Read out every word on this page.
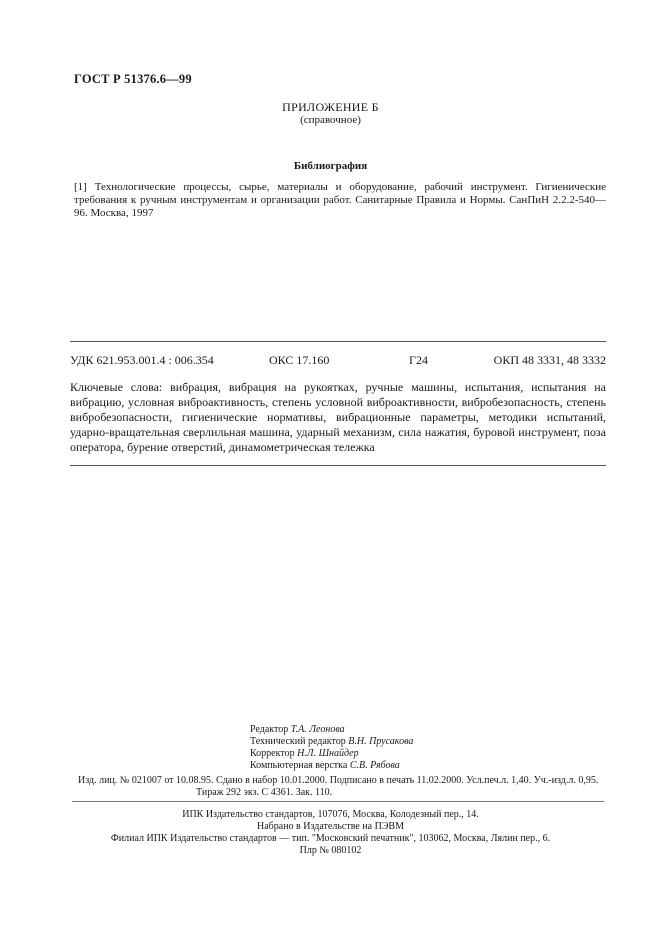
ГОСТ Р 51376.6—99
ПРИЛОЖЕНИЕ Б
(справочное)
Библиография
[1] Технологические процессы, сырье, материалы и оборудование, рабочий инструмент. Гигиенические требования к ручным инструментам и организации работ. Санитарные Правила и Нормы. СанПиН 2.2.2-540—96. Москва, 1997
УДК 621.953.001.4 : 006.354	ОКС 17.160	Г24	ОКП 48 3331, 48 3332
Ключевые слова: вибрация, вибрация на рукоятках, ручные машины, испытания, испытания на вибрацию, условная виброактивность, степень условной виброактивности, вибробезопасность, степень вибробезопасности, гигиенические нормативы, вибрационные параметры, методики испытаний, ударно-вращательная сверлильная машина, ударный механизм, сила нажатия, буровой инструмент, поза оператора, бурение отверстий, динамометрическая тележка
Редактор Т.А. Леонова
Технический редактор В.Н. Прусакова
Корректор Н.Л. Шнайдер
Компьютерная верстка С.В. Рябова
Изд. лиц. № 021007 от 10.08.95. Сдано в набор 10.01.2000. Подписано в печать 11.02.2000. Усл.печ.л. 1,40. Уч.-изд.л. 0,95.
Тираж 292 экз. С 4361. Зак. 110.
ИПК Издательство стандартов, 107076, Москва, Колодезный пер., 14.
Набрано в Издательстве на ПЭВМ
Филиал ИПК Издательство стандартов — тип. "Московский печатник", 103062, Москва, Лялин пер., 6.
Плр № 080102
